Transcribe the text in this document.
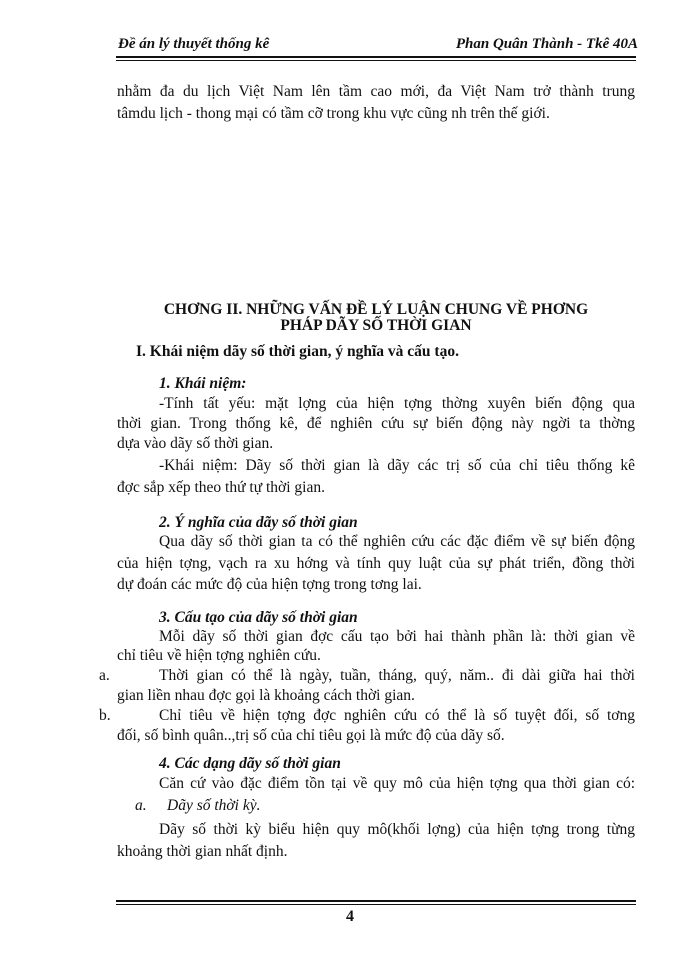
Đề án lý thuyết thống kê	Phan Quân Thành - Tkê 40A
nhằm đa du lịch Việt Nam lên tầm cao mới, đa Việt Nam trở thành trung
tâmdu lịch - thong mại có tầm cỡ trong khu vực cũng nh trên thế giới.
CHƠNG II. NHỮNG VẤN ĐỀ LÝ LUẬN CHUNG VỀ PHƠNG
PHÁP DÃY SỐ THỜI GIAN
I. Khái niệm dãy số thời gian, ý nghĩa và cấu tạo.
1. Khái niệm:
-Tính tất yếu: mặt lợng của hiện tợng thờng xuyên biến động qua
thời gian. Trong thống kê, để nghiên cứu sự biến động này ngời ta thờng
dựa vào dãy số thời gian.
-Khái niệm: Dãy số thời gian là dãy các trị số của chỉ tiêu thống kê
đợc sắp xếp theo thứ tự thời gian.
2. Ý nghĩa của dãy số thời gian
Qua dãy số thời gian ta có thể nghiên cứu các đặc điểm về sự biến động
của hiện tợng, vạch ra xu hớng và tính quy luật của sự phát triển, đồng thời
dự đoán các mức độ của hiện tợng trong tơng lai.
3. Cấu tạo của dãy số thời gian
Mỗi dãy số thời gian đợc cấu tạo bởi hai thành phần là: thời gian về
chỉ tiêu về hiện tợng nghiên cứu.
a.	Thời gian có thể là ngày, tuần, tháng, quý, năm.. đi dài giữa hai thời
gian liền nhau đợc gọi là khoảng cách thời gian.
b.	Chỉ tiêu về hiện tợng đợc nghiên cứu có thể là số tuyệt đối, số tơng
đối, số bình quân..,trị số của chỉ tiêu gọi là mức độ của dãy số.
4. Các dạng dãy số thời gian
Căn cứ vào đặc điểm tồn tại về quy mô của hiện tợng qua thời gian có:
a. Dãy số thời kỳ.
Dãy số thời kỳ biểu hiện quy mô(khối lợng) của hiện tợng trong từng
khoảng thời gian nhất định.
4
